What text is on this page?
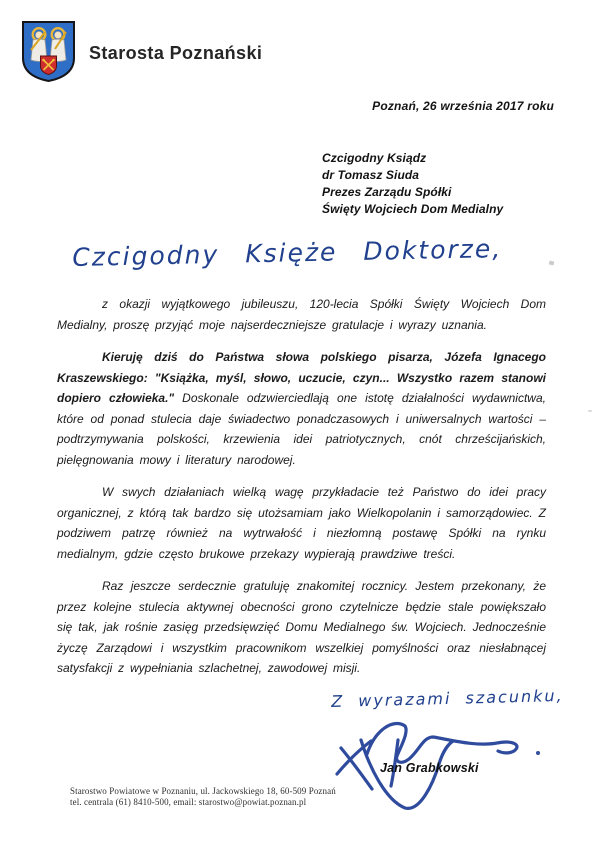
Starosta Poznański
Poznań, 26 września 2017 roku
Czcigodny Ksiądz
dr Tomasz Siuda
Prezes Zarządu Spółki
Święty Wojciech Dom Medialny
Czcigodny Księże Doktorze,

z okazji wyjątkowego jubileuszu, 120-lecia Spółki Święty Wojciech Dom Medialny, proszę przyjąć moje najserdeczniejsze gratulacje i wyrazy uznania.

Kieruję dziś do Państwa słowa polskiego pisarza, Józefa Ignacego Kraszewskiego: "Książka, myśl, słowo, uczucie, czyn... Wszystko razem stanowi dopiero człowieka." Doskonale odzwierciedlają one istotę działalności wydawnictwa, które od ponad stulecia daje świadectwo ponadczasowych i uniwersalnych wartości – podtrzymywania polskości, krzewienia idei patriotycznych, cnót chrześcijańskich, pielęgnowania mowy i literatury narodowej.

W swych działaniach wielką wagę przykładacie też Państwo do idei pracy organicznej, z którą tak bardzo się utożsamiam jako Wielkopolanin i samorządowiec. Z podziwem patrzę również na wytrwałość i niezłomną postawę Spółki na rynku medialnym, gdzie często brukowe przekazy wypierają prawdziwe treści.

Raz jeszcze serdecznie gratuluję znakomitej rocznicy. Jestem przekonany, że przez kolejne stulecia aktywnej obecności grono czytelnicze będzie stale powiększało się tak, jak rośnie zasięg przedsięwzięć Domu Medialnego św. Wojciech. Jednocześnie życzę Zarządowi i wszystkim pracownikom wszelkiej pomyślności oraz niesłabnącej satysfakcji z wypełniania szlachetnej, zawodowej misji.

Z wyrazami szacunku,
Jan Grabkowski
Starostwo Powiatowe w Poznaniu, ul. Jackowskiego 18, 60-509 Poznań
tel. centrala (61) 8410-500, email: starostwo@powiat.poznan.pl
